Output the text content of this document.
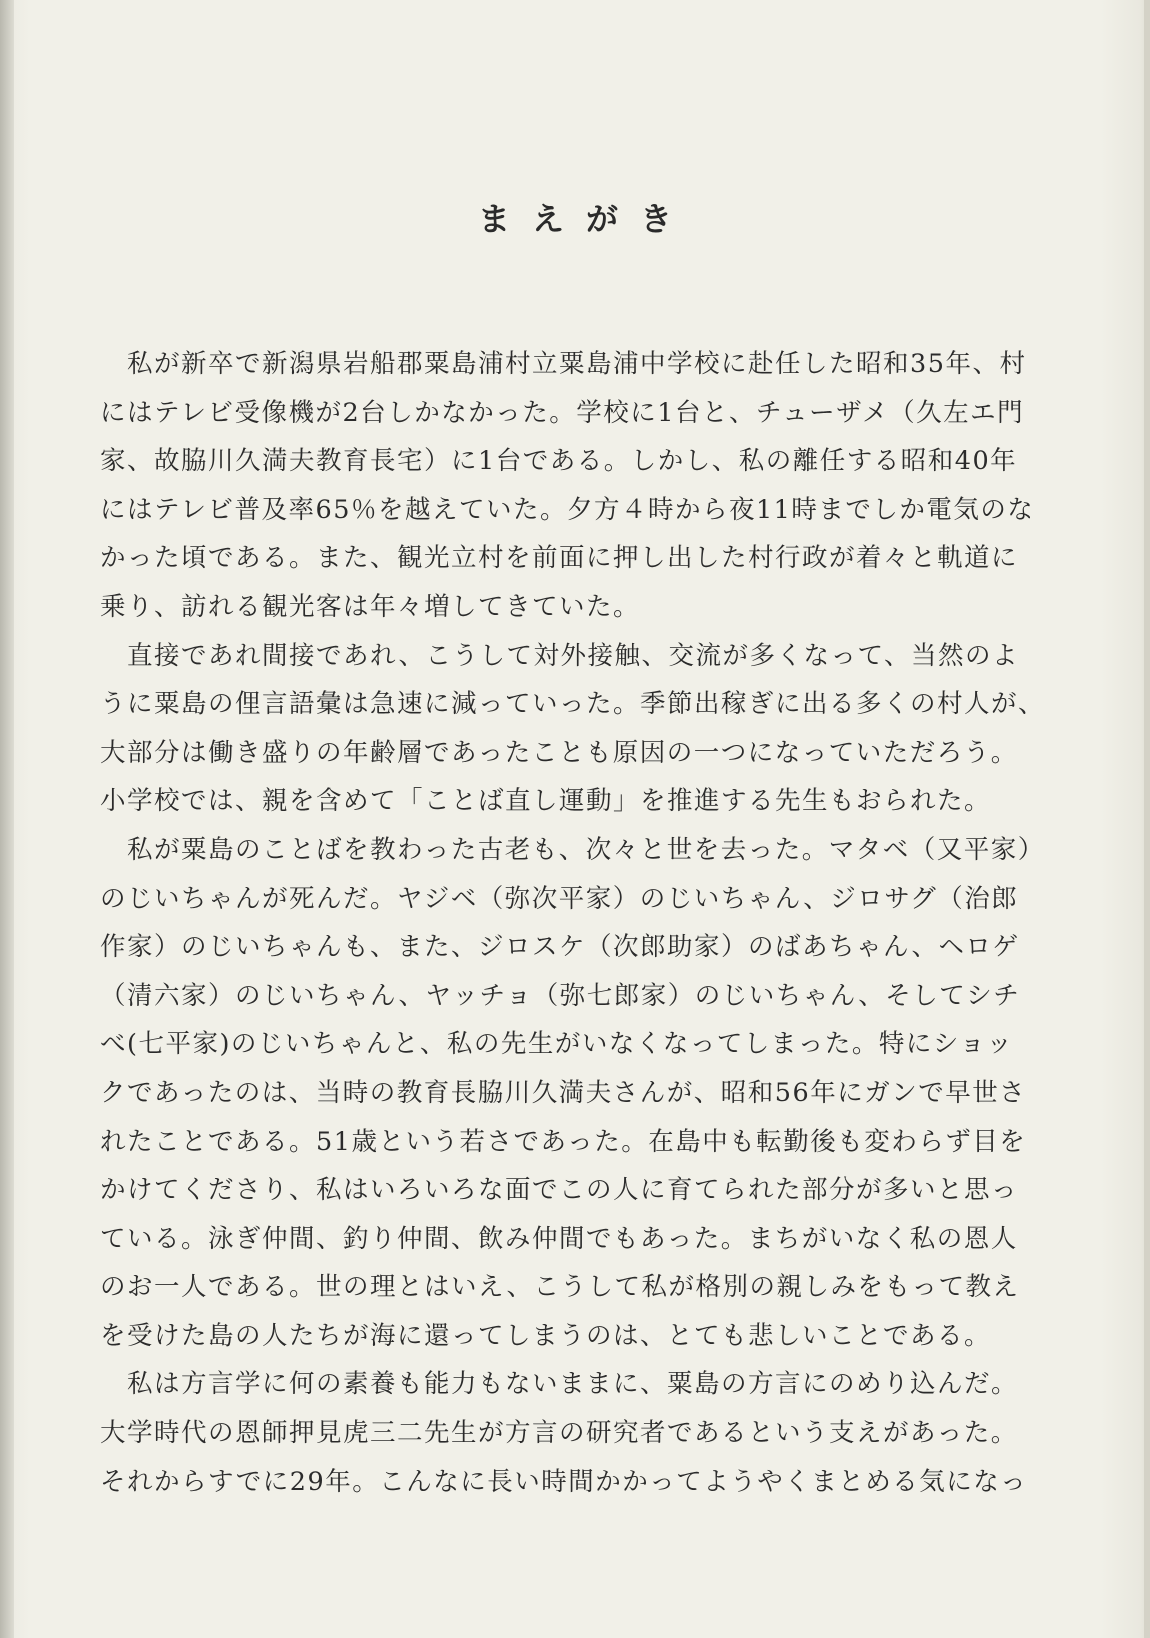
まえがき
　私が新卒で新潟県岩船郡粟島浦村立粟島浦中学校に赴任した昭和35年、村
にはテレビ受像機が2台しかなかった。学校に1台と、チューザメ（久左エ門
家、故脇川久満夫教育長宅）に1台である。しかし、私の離任する昭和40年
にはテレビ普及率65％を越えていた。夕方４時から夜11時までしか電気のな
かった頃である。また、観光立村を前面に押し出した村行政が着々と軌道に
乗り、訪れる観光客は年々増してきていた。
　直接であれ間接であれ、こうして対外接触、交流が多くなって、当然のよ
うに粟島の俚言語彙は急速に減っていった。季節出稼ぎに出る多くの村人が、
大部分は働き盛りの年齢層であったことも原因の一つになっていただろう。
小学校では、親を含めて「ことば直し運動」を推進する先生もおられた。
　私が粟島のことばを教わった古老も、次々と世を去った。マタベ（又平家）
のじいちゃんが死んだ。ヤジベ（弥次平家）のじいちゃん、ジロサグ（治郎
作家）のじいちゃんも、また、ジロスケ（次郎助家）のばあちゃん、ヘロゲ
（清六家）のじいちゃん、ヤッチョ（弥七郎家）のじいちゃん、そしてシチ
べ(七平家)のじいちゃんと、私の先生がいなくなってしまった。特にショッ
クであったのは、当時の教育長脇川久満夫さんが、昭和56年にガンで早世さ
れたことである。51歳という若さであった。在島中も転勤後も変わらず目を
かけてくださり、私はいろいろな面でこの人に育てられた部分が多いと思っ
ている。泳ぎ仲間、釣り仲間、飲み仲間でもあった。まちがいなく私の恩人
のお一人である。世の理とはいえ、こうして私が格別の親しみをもって教え
を受けた島の人たちが海に還ってしまうのは、とても悲しいことである。
　私は方言学に何の素養も能力もないままに、粟島の方言にのめり込んだ。
大学時代の恩師押見虎三二先生が方言の研究者であるという支えがあった。
それからすでに29年。こんなに長い時間かかってようやくまとめる気になっ
